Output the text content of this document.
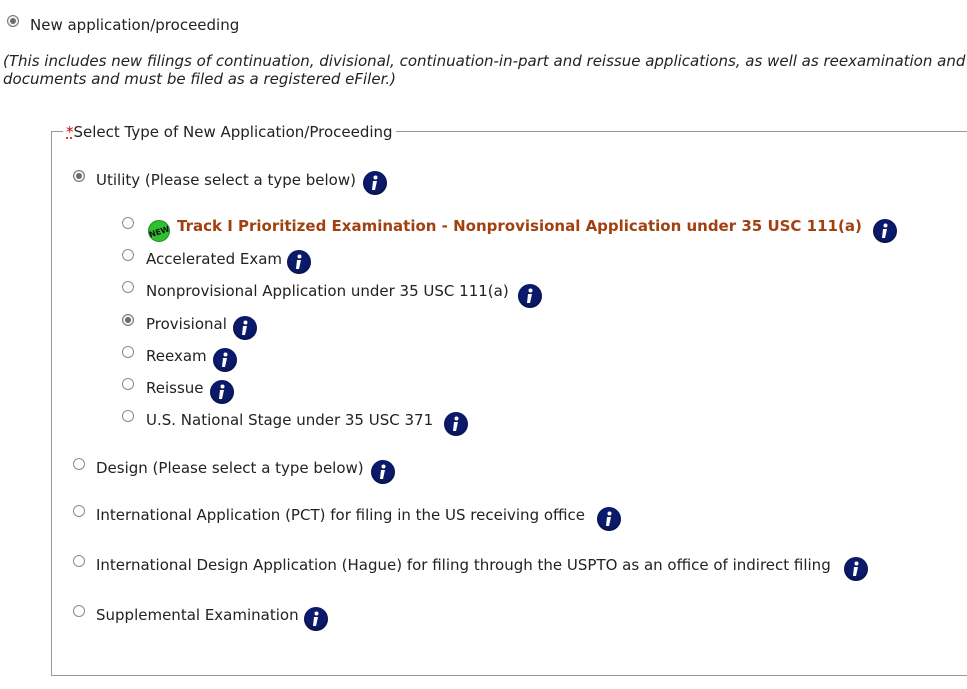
New application/proceeding
(This includes new filings of continuation, divisional, continuation-in-part and reissue applications, as well as reexamination and documents and must be filed as a registered eFiler.)
*Select Type of New Application/Proceeding
Utility (Please select a type below)
NEW Track I Prioritized Examination - Nonprovisional Application under 35 USC 111(a)
Accelerated Exam
Nonprovisional Application under 35 USC 111(a)
Provisional
Reexam
Reissue
U.S. National Stage under 35 USC 371
Design (Please select a type below)
International Application (PCT) for filing in the US receiving office
International Design Application (Hague) for filing through the USPTO as an office of indirect filing
Supplemental Examination
